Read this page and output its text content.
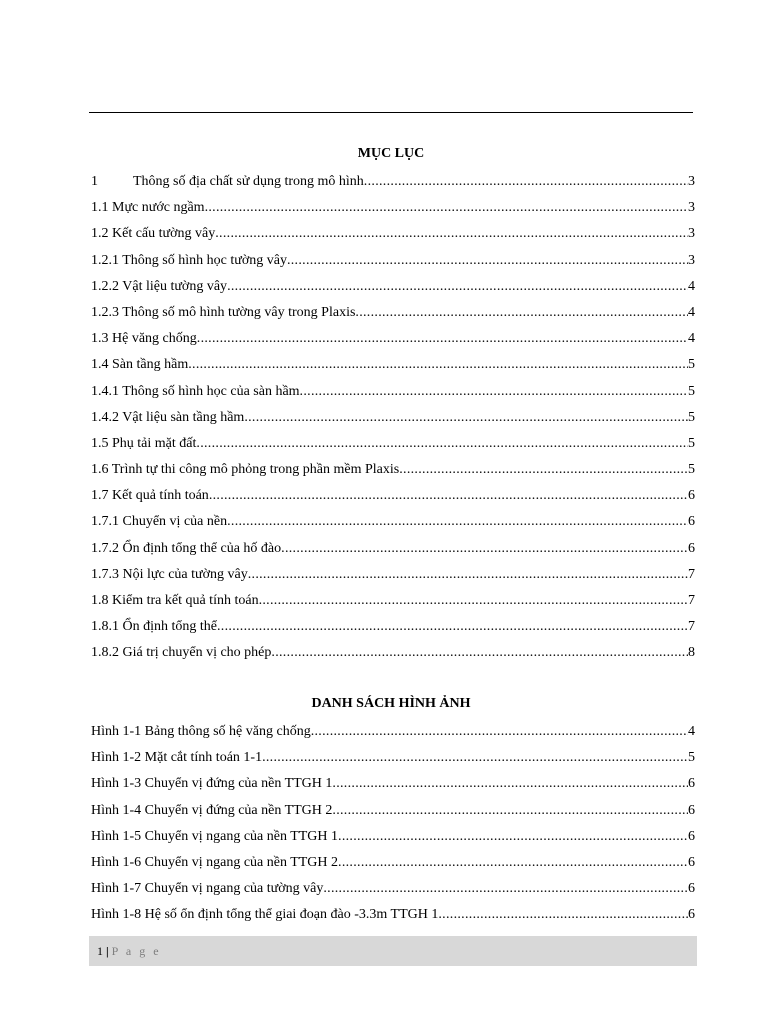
MỤC LỤC
1	Thông số địa chất sử dụng trong mô hình .....	3
1.1 Mực nước ngầm .....	3
1.2 Kết cấu tường vây .....	3
1.2.1 Thông số hình học tường vây .....	3
1.2.2 Vật liệu tường vây .....	4
1.2.3 Thông số mô hình tường vây trong Plaxis .....	4
1.3 Hệ văng chống .....	4
1.4 Sàn tầng hầm .....	5
1.4.1 Thông số hình học của sàn hầm .....	5
1.4.2 Vật liệu sàn tầng hầm .....	5
1.5 Phụ tải mặt đất .....	5
1.6 Trình tự thi công mô phỏng trong phần mềm Plaxis .....	5
1.7 Kết quả tính toán .....	6
1.7.1 Chuyển vị của nền .....	6
1.7.2 Ổn định tổng thể của hố đào .....	6
1.7.3 Nội lực của tường vây .....	7
1.8 Kiểm tra kết quả tính toán .....	7
1.8.1 Ổn định tổng thể .....	7
1.8.2 Giá trị chuyển vị cho phép .....	8
DANH SÁCH HÌNH ẢNH
Hình 1-1 Bảng thông số hệ văng chống .....	4
Hình 1-2 Mặt cắt tính toán 1-1 .....	5
Hình 1-3 Chuyển vị đứng của nền TTGH 1 .....	6
Hình 1-4 Chuyển vị đứng của nền TTGH 2 .....	6
Hình 1-5 Chuyển vị ngang của nền TTGH 1 .....	6
Hình 1-6 Chuyển vị ngang của nền TTGH 2 .....	6
Hình 1-7 Chuyển vị ngang của tường vây .....	6
Hình 1-8 Hệ số ổn định tổng thể giai đoạn đào -3.3m TTGH 1 .....	6
1 | P a g e
